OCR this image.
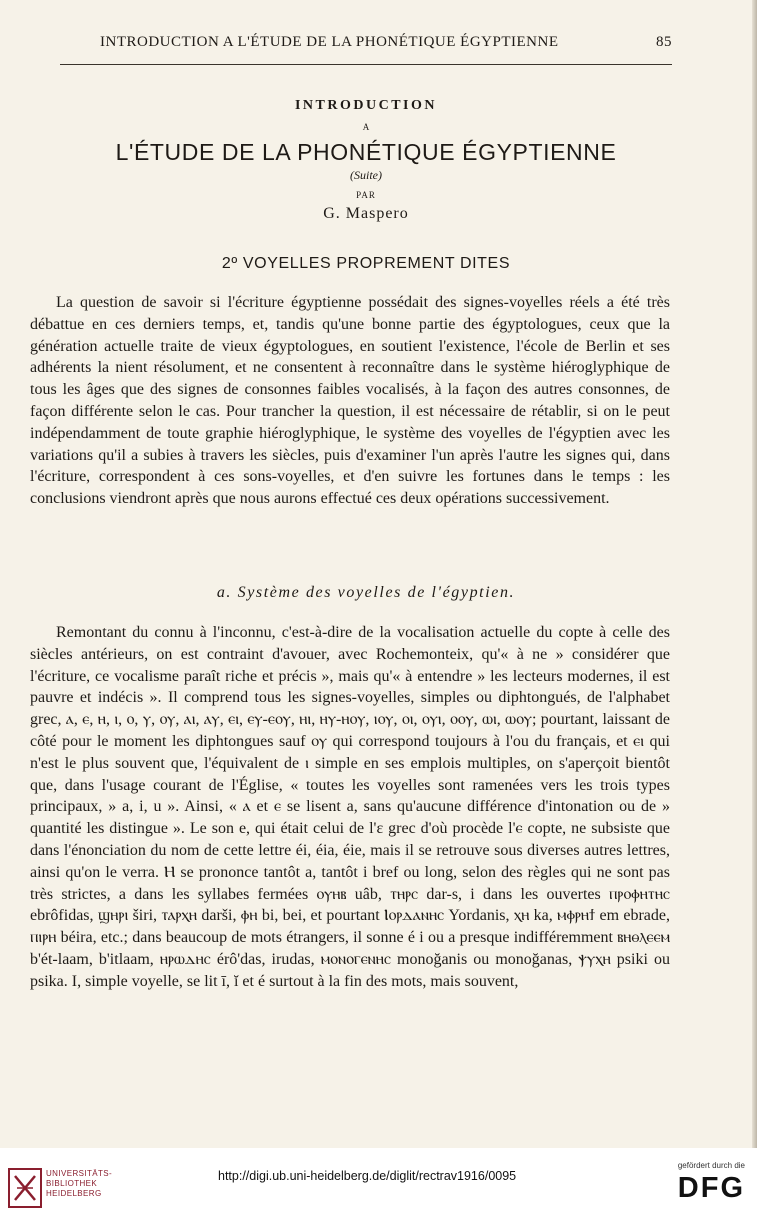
INTRODUCTION A L'ÉTUDE DE LA PHONÉTIQUE ÉGYPTIENNE	85
INTRODUCTION
A
L'ÉTUDE DE LA PHONÉTIQUE ÉGYPTIENNE
(Suite)
PAR
G. Maspero
2º VOYELLES PROPREMENT DITES

La question de savoir si l'écriture égyptienne possédait des signes-voyelles réels a été très débattue en ces derniers temps, et, tandis qu'une bonne partie des égyptologues, ceux que la génération actuelle traite de vieux égyptologues, en soutient l'existence, l'école de Berlin et ses adhérents la nient résolument, et ne consentent à reconnaître dans le système hiéroglyphique de tous les âges que des signes de consonnes faibles vocalisés, à la façon des autres consonnes, de façon différente selon le cas. Pour trancher la question, il est nécessaire de rétablir, si on le peut indépendamment de toute graphie hiéroglyphique, le système des voyelles de l'égyptien avec les variations qu'il a subies à travers les siècles, puis d'examiner l'un après l'autre les signes qui, dans l'écriture, correspondent à ces sons-voyelles, et d'en suivre les fortunes dans le temps : les conclusions viendront après que nous aurons effectué ces deux opérations successivement.

a. Système des voyelles de l'égyptien.

Remontant du connu à l'inconnu, c'est-à-dire de la vocalisation actuelle du copte à celle des siècles antérieurs, on est contraint d'avouer, avec Rochemonteix, qu'« à ne » considérer que l'écriture, ce vocalisme paraît riche et précis », mais qu'« à entendre » les lecteurs modernes, il est pauvre et indécis ». Il comprend tous les signes-voyelles, simples ou diphtongués, de l'alphabet grec, ⲁ, ⲉ, ⲏ, ⲓ, ⲟ, ⲩ, ⲟⲩ, ⲁⲓ, ⲁⲩ, ⲉⲓ, ⲉⲩ-ⲉⲟⲩ, ⲏⲓ, ⲏⲩ-ⲏⲟⲩ, ⲓⲟⲩ, ⲟⲓ, ⲟⲩⲓ, ⲟⲟⲩ, ⲱⲓ, ⲱⲟⲩ; pourtant, laissant de côté pour le moment les diphtongues sauf ⲟⲩ qui correspond toujours à l'ou du français, et ⲉⲓ qui n'est le plus souvent que, l'équivalent de ⲓ simple en ses emplois multiples, on s'aperçoit bientôt que, dans l'usage courant de l'Église, « toutes les voyelles sont ramenées vers les trois types principaux, » a, i, u ». Ainsi, « ⲁ et ⲉ se lisent a, sans qu'aucune différence d'intonation ou de » quantité les distingue ». Le son e, qui était celui de l'ε grec d'où procède l'ⲉ copte, ne subsiste que dans l'énonciation du nom de cette lettre éi, éia, éie, mais il se retrouve sous diverses autres lettres, ainsi qu'on le verra. Ⲏ se prononce tantôt a, tantôt i bref ou long, selon des règles qui ne sont pas très strictes, a dans les syllabes fermées ⲟⲩⲏⲃ uâb, ⲧⲏⲣⲥ dar-s, i dans les ouvertes ⲡⲣⲟⲫⲏⲧⲏⲥ ebrôfidas, ϣⲏⲣⲓ širi, ⲧⲁⲣⲭⲏ darši, ⲫⲏ bi, bei, et pourtant Ⲓⲟⲣⲇⲁⲛⲏⲥ Yordanis, ⲭⲏ ka, ⲙⲫⲣⲏϯ em ebrade, ⲡⲓⲣⲏ béira, etc.; dans beaucoup de mots étrangers, il sonne é i ou a presque indifféremment ⲃⲏⲑⲗⲉⲉⲙ b'ét-laam, b'itlaam, ⲏⲣⲱⲇⲏⲥ érô'das, irudas, ⲙⲟⲛⲟⲅⲉⲛⲏⲥ monoğanis ou monoğanas, ⲯⲩⲭⲏ psiki ou psika. I, simple voyelle, se lit ī, ĭ et é surtout à la fin des mots, mais souvent,

UNIVERSITÄTS-
BIBLIOTHEK
HEIDELBERG
http://digi.ub.uni-heidelberg.de/diglit/rectrav1916/0095
gefördert durch die
DFG
